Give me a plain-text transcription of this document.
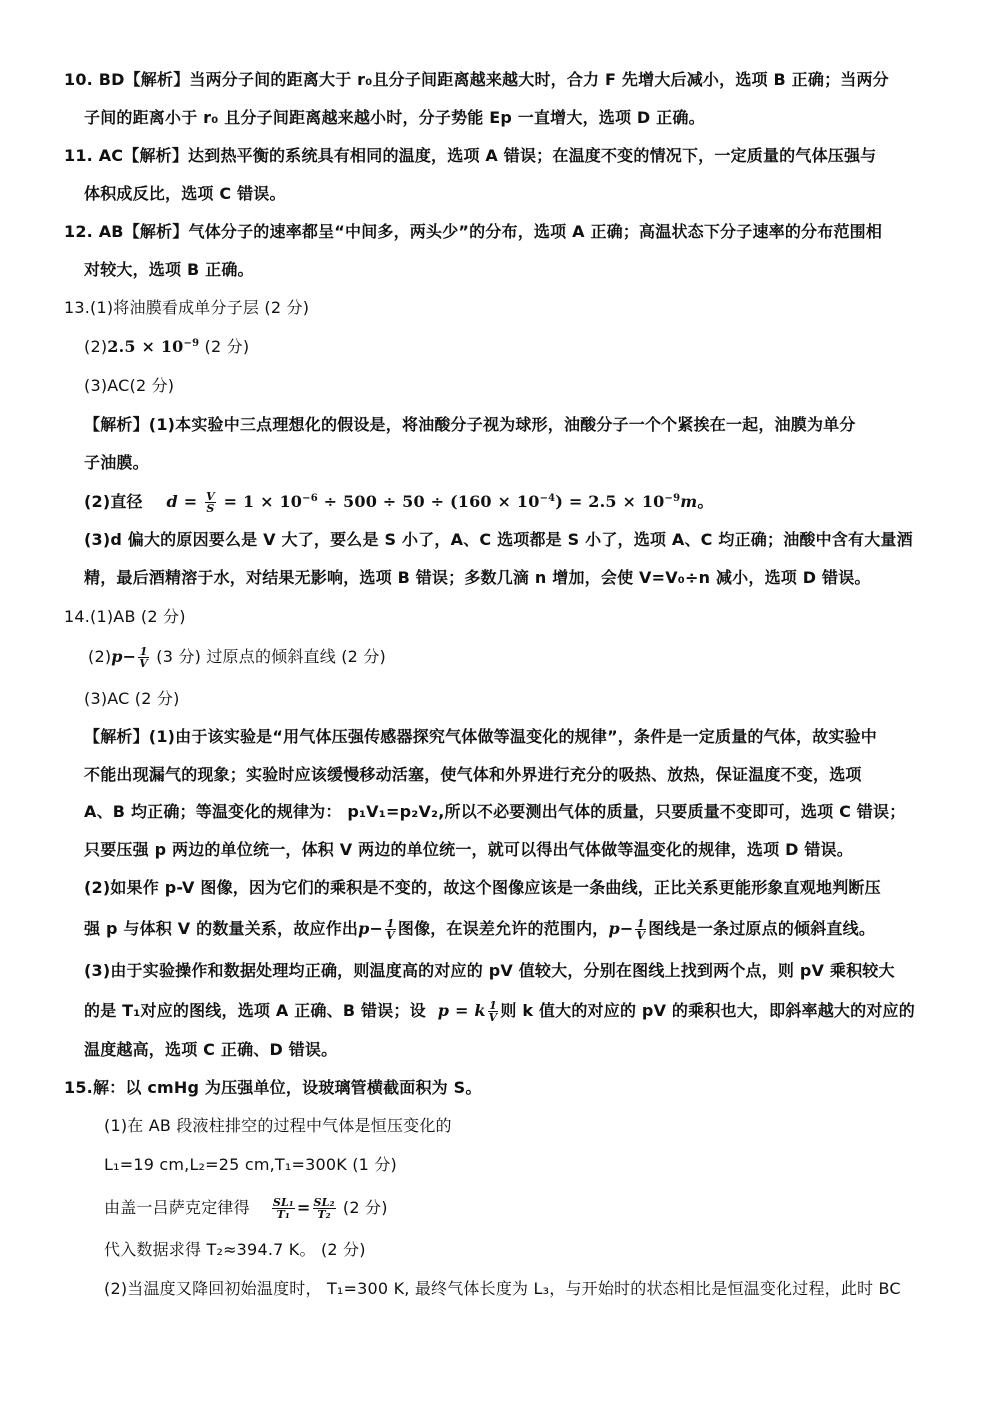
10. BD【解析】当两分子间的距离大于 r₀且分子间距离越来越大时，合力 F 先增大后减小，选项 B 正确；当两分
子间的距离小于 r₀ 且分子间距离越来越小时，分子势能 Ep 一直增大，选项 D 正确。
11. AC【解析】达到热平衡的系统具有相同的温度，选项 A 错误；在温度不变的情况下，一定质量的气体压强与
体积成反比，选项 C 错误。
12. AB【解析】气体分子的速率都呈“中间多，两头少”的分布，选项 A 正确；高温状态下分子速率的分布范围相
对较大，选项 B 正确。
13.(1)将油膜看成单分子层 (2 分)
$(2)2.5 \times 10^{-9}$ (2 分)
(3)AC(2 分)
【解析】(1)本实验中三点理想化的假设是，将油酸分子视为球形，油酸分子一个个紧挨在一起，油膜为单分
子油膜。
(2)直径 $d = \frac{V}{S} = 1 \times 10^{-6} \div 500 \div 50 \div (160 \times 10^{-4}) = 2.5 \times 10^{-9}m$。
(3)d 偏大的原因要么是 V 大了，要么是 S 小了，A、C 选项都是 S 小了，选项 A、C 均正确；油酸中含有大量酒
精，最后酒精溶于水，对结果无影响，选项 B 错误；多数几滴 n 增加，会使 V=V₀÷n 减小，选项 D 错误。
14.(1)AB (2 分)
$(2)p- \frac{1}{V} (3$ 分) 过原点的倾斜直线 (2 分)
(3)AC (2 分)
【解析】(1)由于该实验是“用气体压强传感器探究气体做等温变化的规律”，条件是一定质量的气体，故实验中
不能出现漏气的现象；实验时应该缓慢移动活塞，使气体和外界进行充分的吸热、放热，保证温度不变，选项
A、B 均正确；等温变化的规律为： p₁V₁=p₂V₂,所以不必要测出气体的质量，只要质量不变即可，选项 C 错误；
只要压强 p 两边的单位统一，体积 V 两边的单位统一，就可以得出气体做等温变化的规律，选项 D 错误。
(2)如果作 p-V 图像，因为它们的乘积是不变的，故这个图像应该是一条曲线，正比关系更能形象直观地判断压
强 p 与体积 V 的数量关系，故应作出$p- \frac{1}{V}$ 图像，在误差允许的范围内，$p- \frac{1}{V}$ 图线是一条过原点的倾斜直线。
(3)由于实验操作和数据处理均正确，则温度高的对应的 pV 值较大，分别在图线上找到两个点，则 pV 乘积较大
的是 T₁对应的图线，选项 A 正确、B 错误；设 p = k $\frac{1}{V}$ 则 k 值大的对应的 pV 的乘积也大，即斜率越大的对应的
温度越高，选项 C 正确、D 错误。
15.解：以 cmHg 为压强单位，设玻璃管横截面积为 S。
(1)在 AB 段液柱排空的过程中气体是恒压变化的
L₁=19 cm,L₂=25 cm,T₁=300K (1 分)
由盖一吕萨克定律得 $\frac{\text{SL₁}}{\text{T₁}} = \frac{\text{SL₂}}{\text{T₂}} (2$ 分)
代入数据求得 T₂≈394.7 K。 (2 分)
(2)当温度又降回初始温度时， T₁=300 K, 最终气体长度为 L₃，与开始时的状态相比是恒温变化过程，此时 BC
